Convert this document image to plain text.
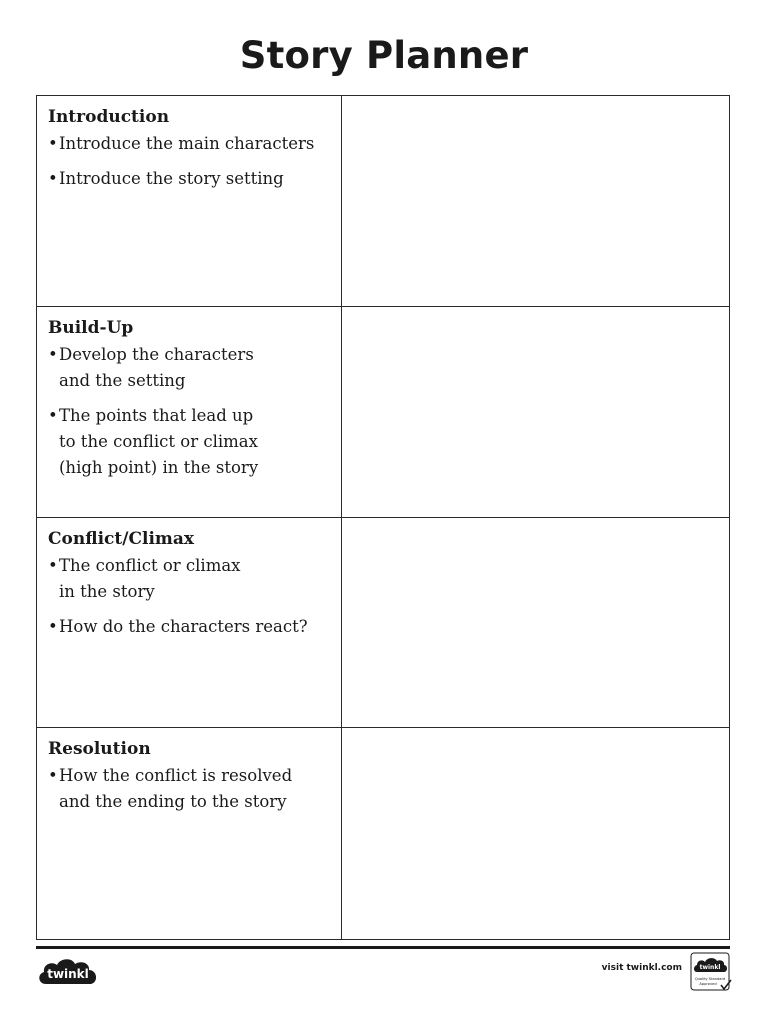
Story Planner
Introduction
• Introduce the main characters
• Introduce the story setting
Build-Up
• Develop the characters
and the setting
• The points that lead up
to the conflict or climax
(high point) in the story
Conflict/Climax
• The conflict or climax
in the story
• How do the characters react?
Resolution
• How the conflict is resolved
and the ending to the story
twinkl	visit twinkl.com	twinkl
Quality Standard
Approved
